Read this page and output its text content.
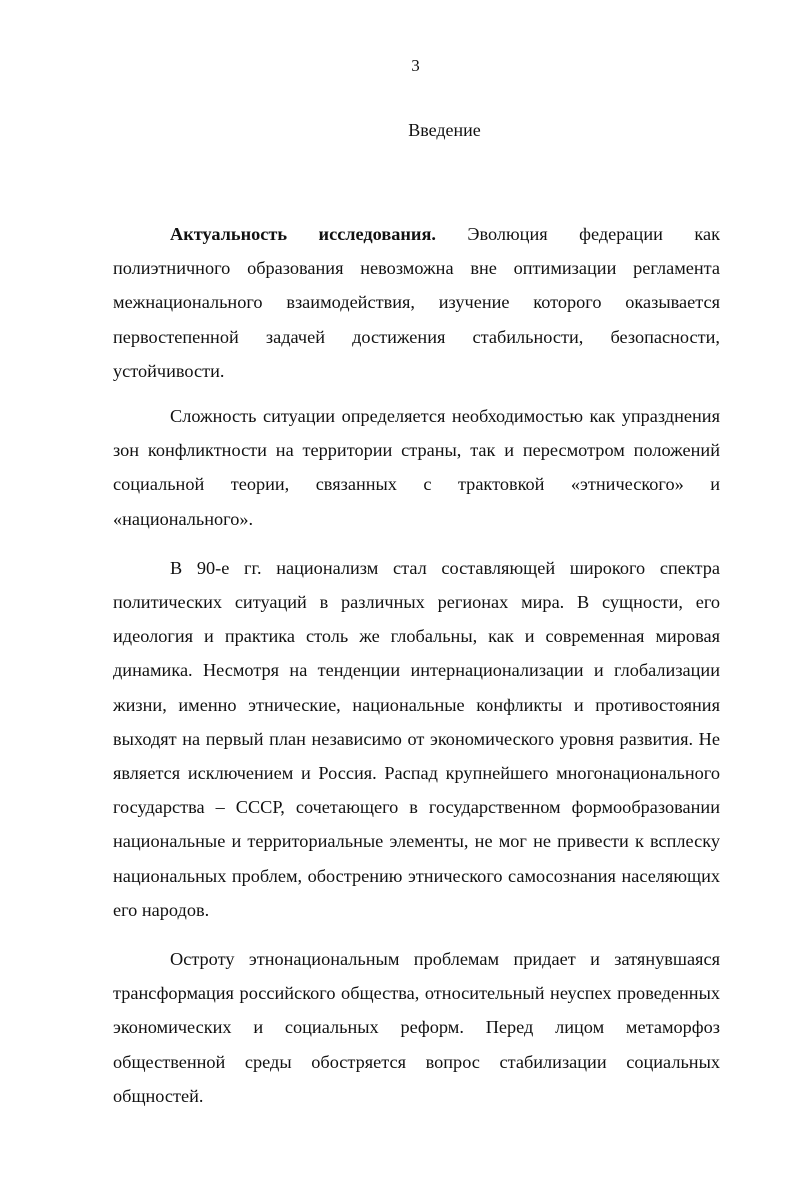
3
Введение

Актуальность исследования. Эволюция федерации как полиэтничного образования невозможна вне оптимизации регламента межнационального взаимодействия, изучение которого оказывается первостепенной задачей достижения стабильности, безопасности, устойчивости.

Сложность ситуации определяется необходимостью как упразднения зон конфликтности на территории страны, так и пересмотром положений социальной теории, связанных с трактовкой «этнического» и «национального».

В 90-е гг. национализм стал составляющей широкого спектра политических ситуаций в различных регионах мира. В сущности, его идеология и практика столь же глобальны, как и современная мировая динамика. Несмотря на тенденции интернационализации и глобализации жизни, именно этнические, национальные конфликты и противостояния выходят на первый план независимо от экономического уровня развития. Не является исключением и Россия. Распад крупнейшего многонационального государства – СССР, сочетающего в государственном формообразовании национальные и территориальные элементы, не мог не привести к всплеску национальных проблем, обострению этнического самосознания населяющих его народов.

Остроту этнонациональным проблемам придает и затянувшаяся трансформация российского общества, относительный неуспех проведенных экономических и социальных реформ. Перед лицом метаморфоз общественной среды обостряется вопрос стабилизации социальных общностей.
